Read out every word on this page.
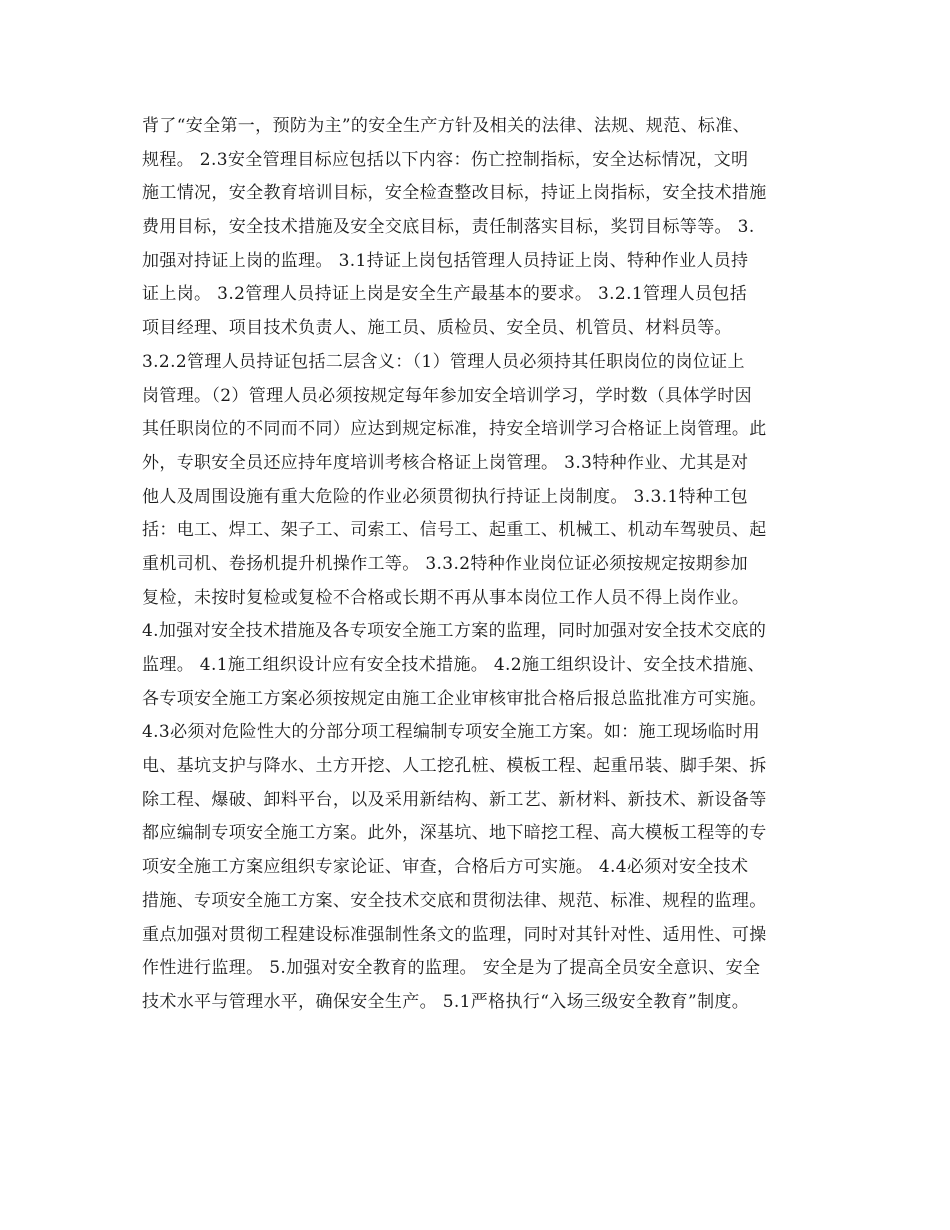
背了“安全第一，预防为主”的安全生产方针及相关的法律、法规、规范、标准、
规程。 2.3安全管理目标应包括以下内容：伤亡控制指标，安全达标情况，文明
施工情况，安全教育培训目标，安全检查整改目标，持证上岗指标，安全技术措施
费用目标，安全技术措施及安全交底目标，责任制落实目标，奖罚目标等等。 3.
加强对持证上岗的监理。 3.1持证上岗包括管理人员持证上岗、特种作业人员持
证上岗。 3.2管理人员持证上岗是安全生产最基本的要求。 3.2.1管理人员包括
项目经理、项目技术负责人、施工员、质检员、安全员、机管员、材料员等。
3.2.2管理人员持证包括二层含义：（1）管理人员必须持其任职岗位的岗位证上
岗管理。（2）管理人员必须按规定每年参加安全培训学习，学时数（具体学时因
其任职岗位的不同而不同）应达到规定标准，持安全培训学习合格证上岗管理。此
外，专职安全员还应持年度培训考核合格证上岗管理。 3.3特种作业、尤其是对
他人及周围设施有重大危险的作业必须贯彻执行持证上岗制度。 3.3.1特种工包
括：电工、焊工、架子工、司索工、信号工、起重工、机械工、机动车驾驶员、起
重机司机、卷扬机提升机操作工等。 3.3.2特种作业岗位证必须按规定按期参加
复检，未按时复检或复检不合格或长期不再从事本岗位工作人员不得上岗作业。
4.加强对安全技术措施及各专项安全施工方案的监理，同时加强对安全技术交底的
监理。 4.1施工组织设计应有安全技术措施。 4.2施工组织设计、安全技术措施、
各专项安全施工方案必须按规定由施工企业审核审批合格后报总监批准方可实施。
4.3必须对危险性大的分部分项工程编制专项安全施工方案。如：施工现场临时用
电、基坑支护与降水、土方开挖、人工挖孔桩、模板工程、起重吊装、脚手架、拆
除工程、爆破、卸料平台，以及采用新结构、新工艺、新材料、新技术、新设备等
都应编制专项安全施工方案。此外，深基坑、地下暗挖工程、高大模板工程等的专
项安全施工方案应组织专家论证、审查，合格后方可实施。 4.4必须对安全技术
措施、专项安全施工方案、安全技术交底和贯彻法律、规范、标准、规程的监理。
重点加强对贯彻工程建设标准强制性条文的监理，同时对其针对性、适用性、可操
作性进行监理。 5.加强对安全教育的监理。 安全是为了提高全员安全意识、安全
技术水平与管理水平，确保安全生产。 5.1严格执行“入场三级安全教育”制度。
